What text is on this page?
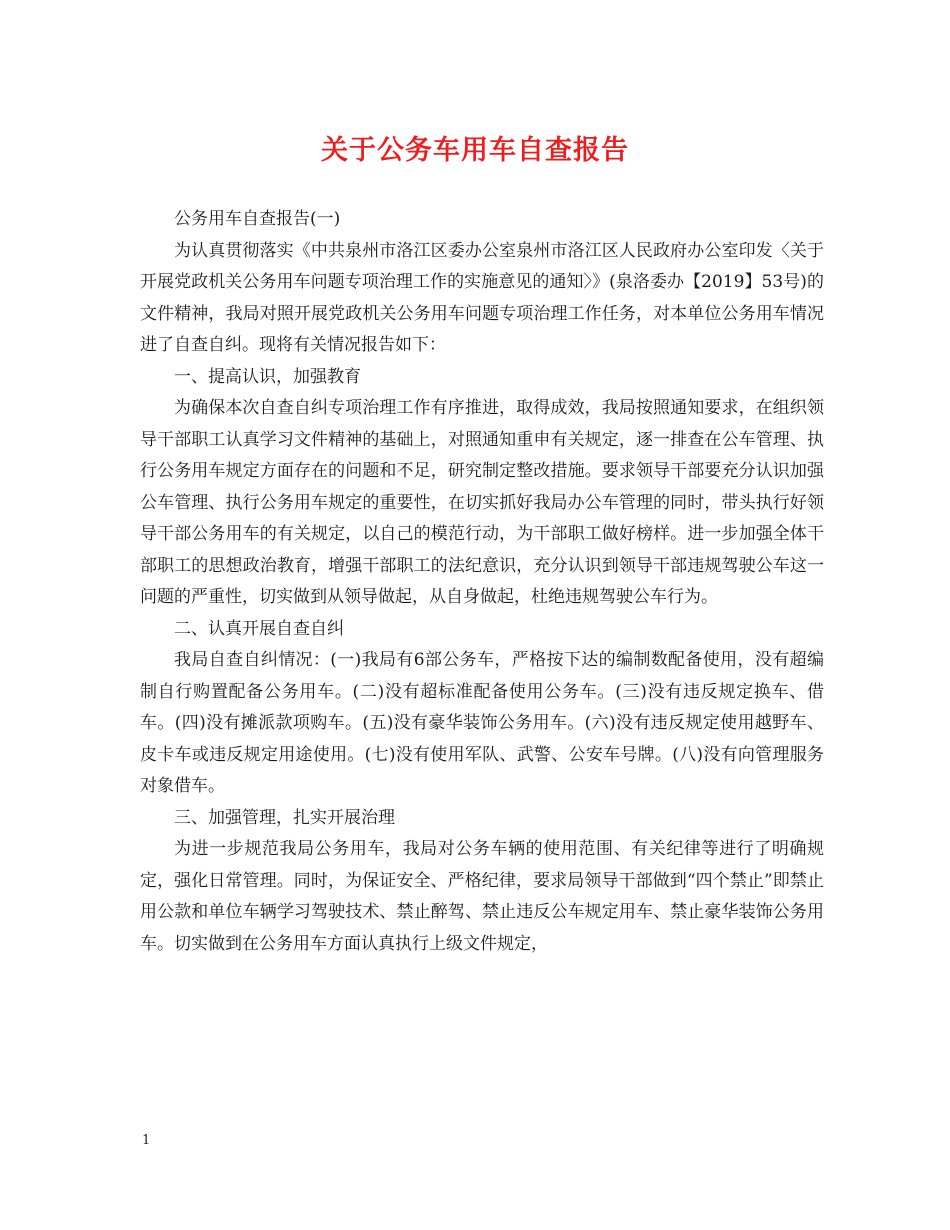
关于公务车用车自查报告

公务用车自查报告(一)

为认真贯彻落实《中共泉州市洛江区委办公室泉州市洛江区人民政府办公室印发〈关于开展党政机关公务用车问题专项治理工作的实施意见的通知〉》(泉洛委办【2019】53号)的文件精神，我局对照开展党政机关公务用车问题专项治理工作任务，对本单位公务用车情况进了自查自纠。现将有关情况报告如下：

一、提高认识，加强教育

为确保本次自查自纠专项治理工作有序推进，取得成效，我局按照通知要求，在组织领导干部职工认真学习文件精神的基础上，对照通知重申有关规定，逐一排查在公车管理、执行公务用车规定方面存在的问题和不足，研究制定整改措施。要求领导干部要充分认识加强公车管理、执行公务用车规定的重要性，在切实抓好我局办公车管理的同时，带头执行好领导干部公务用车的有关规定，以自己的模范行动，为干部职工做好榜样。进一步加强全体干部职工的思想政治教育，增强干部职工的法纪意识，充分认识到领导干部违规驾驶公车这一问题的严重性，切实做到从领导做起，从自身做起，杜绝违规驾驶公车行为。

二、认真开展自查自纠

我局自查自纠情况：(一)我局有6部公务车，严格按下达的编制数配备使用，没有超编制自行购置配备公务用车。(二)没有超标准配备使用公务车。(三)没有违反规定换车、借车。(四)没有摊派款项购车。(五)没有豪华装饰公务用车。(六)没有违反规定使用越野车、皮卡车或违反规定用途使用。(七)没有使用军队、武警、公安车号牌。(八)没有向管理服务对象借车。

三、加强管理，扎实开展治理

为进一步规范我局公务用车，我局对公务车辆的使用范围、有关纪律等进行了明确规定，强化日常管理。同时，为保证安全、严格纪律，要求局领导干部做到“四个禁止”即禁止用公款和单位车辆学习驾驶技术、禁止醉驾、禁止违反公车规定用车、禁止豪华装饰公务用车。切实做到在公务用车方面认真执行上级文件规定，

1
